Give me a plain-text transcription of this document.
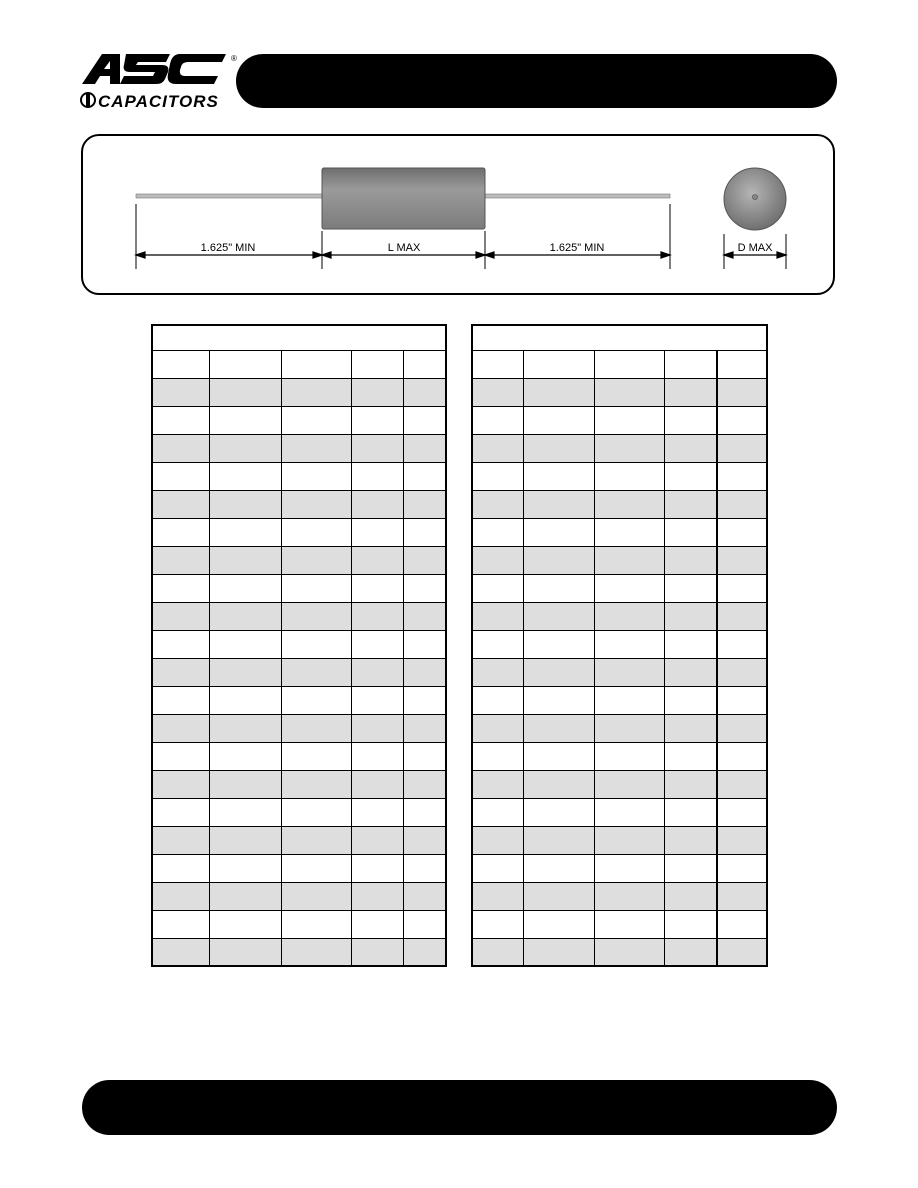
®
CAPACITORS
1.625" MIN	L MAX	1.625" MIN	D MAX
